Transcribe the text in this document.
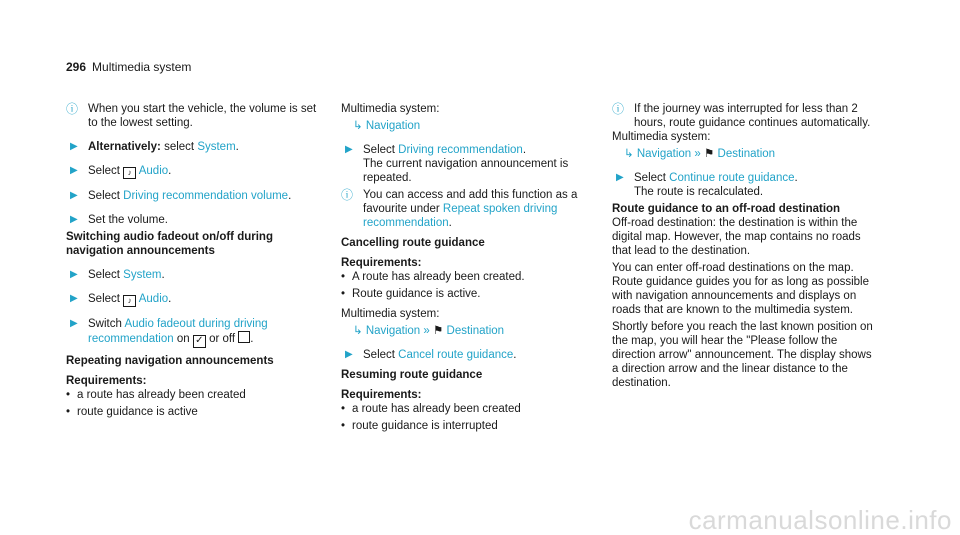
296 Multimedia system
ⓘ When you start the vehicle, the volume is set to the lowest setting.
▶ Alternatively: select System.
▶ Select ♪ Audio.
▶ Select Driving recommendation volume.
▶ Set the volume.

Switching audio fadeout on/off during navigation announcements

▶ Select System.
▶ Select ♪ Audio.
▶ Switch Audio fadeout during driving recommendation on ✓ or off .

Repeating navigation announcements

Requirements:

• a route has already been created
• route guidance is active

Multimedia system:

↳ Navigation

▶ Select Driving recommendation.
The current navigation announcement is repeated.
ⓘ You can access and add this function as a favourite under Repeat spoken driving recommendation.

Cancelling route guidance

Requirements:

• A route has already been created.
• Route guidance is active.

Multimedia system:

↳ Navigation » ⚑ Destination

▶ Select Cancel route guidance.

Resuming route guidance

Requirements:

• a route has already been created
• route guidance is interrupted
ⓘ If the journey was interrupted for less than 2 hours, route guidance continues automatically.

Multimedia system:

↳ Navigation » ⚑ Destination

▶ Select Continue route guidance.
The route is recalculated.

Route guidance to an off-road destination

Off-road destination: the destination is within the digital map. However, the map contains no roads that lead to the destination.

You can enter off-road destinations on the map. Route guidance guides you for as long as possible with navigation announcements and displays on roads that are known to the multimedia system.

Shortly before you reach the last known position on the map, you will hear the "Please follow the direction arrow" announcement. The display shows a direction arrow and the linear distance to the destination.

carmanualsonline.info
